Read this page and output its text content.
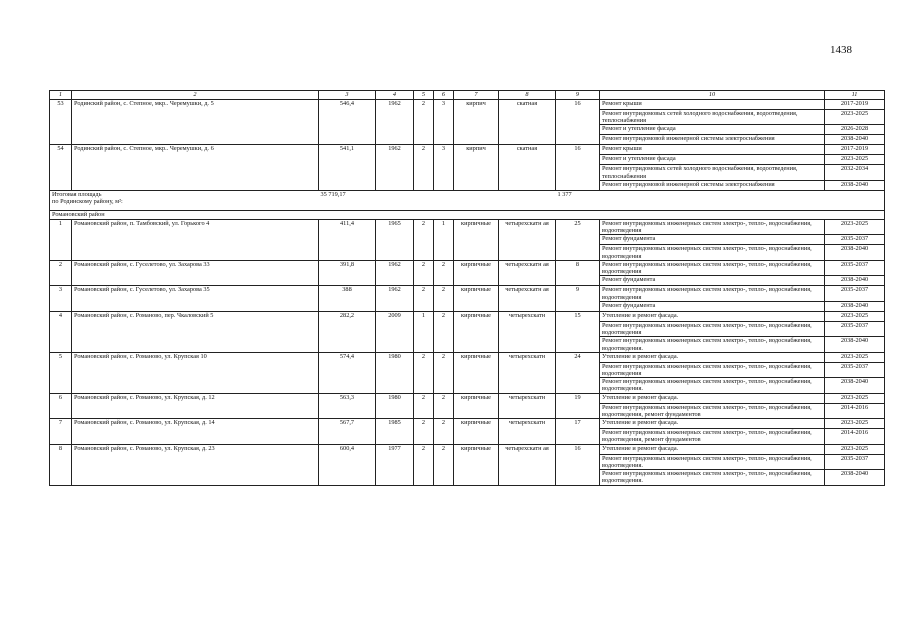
1438
1	2	3	4	5	6	7	8	9	10	11
53	Родинский район, с. Степное, мкр.. Черемушки, д. 5	546,4	1962	2	3	кирпич	скатная	16	Ремонт крыши	2017-2019
									Ремонт внутридомовых сетей холодного водоснабжения, водоотведения, теплоснабжения	2023-2025
									Ремонт и утепление фасада	2026-2028
									Ремонт внутридомовой инженерной системы электроснабжения	2038-2040
54	Родинский район, с. Степное, мкр.. Черемушки, д. 6	541,1	1962	2	3	кирпич	скатная	16	Ремонт крыши	2017-2019
									Ремонт и утепление фасада	2023-2025
									Ремонт внутридомовых сетей холодного водоснабжения, водоотведения, теплоснабжения	2032-2034
									Ремонт внутридомовой инженерной системы электроснабжения	2038-2040
Итоговая площадь
по Родинскому району, м²:		35 719,17						1 377		
Романовский район										
1	Романовский район, п. Тамбовский, ул. Горького 4	411,4	1965	2	1	кирпичные	четырехскатн ая	25	Ремонт внутридомовых инженерных систем электро-, тепло-, водоснабжения, водоотведения	2023-2025
									Ремонт фундамента	2035-2037
									Ремонт внутридомовых инженерных систем электро-, тепло-, водоснабжения, водоотведения	2038-2040
2	Романовский район, с. Гуселетово, ул. Захарова 33	391,8	1962	2	2	кирпичные	четырехскатн ая	8	Ремонт внутридомовых инженерных систем электро-, тепло-, водоснабжения, водоотведения	2035-2037
									Ремонт фундамента	2038-2040
3	Романовский район, с. Гуселетово, ул. Захарова 35	388	1962	2	2	кирпичные	четырехскатн ая	9	Ремонт внутридомовых инженерных систем электро-, тепло-, водоснабжения, водоотведения	2035-2037
									Ремонт фундамента	2038-2040
4	Романовский район, с. Романово, пер. Чкаловский 5	282,2	2009	1	2	кирпичные	четырехскатн	15	Утепление и ремонт фасада.	2023-2025
									Ремонт внутридомовых инженерных систем электро-, тепло-, водоснабжения, водоотведения	2035-2037
									Ремонт внутридомовых инженерных систем электро-, тепло-, водоснабжения, водоотведения.	2038-2040
5	Романовский район, с. Романово, ул. Крупская 10	574,4	1980	2	2	кирпичные	четырехскатн	24	Утепление и ремонт фасада.	2023-2025
									Ремонт внутридомовых инженерных систем электро-, тепло-, водоснабжения, водоотведения	2035-2037
									Ремонт внутридомовых инженерных систем электро-, тепло-, водоснабжения, водоотведения.	2038-2040
6	Романовский район, с. Романово, ул. Крупская, д. 12	563,3	1980	2	2	кирпичные	четырехскатн	19	Утепление и ремонт фасада.	2023-2025
									Ремонт внутридомовых инженерных систем электро-, тепло-, водоснабжения, водоотведения, ремонт фундаментов	2014-2016
7	Романовский район, с. Романово, ул. Крупская, д. 14	567,7	1985	2	2	кирпичные	четырехскатн	17	Утепление и ремонт фасада.	2023-2025
									Ремонт внутридомовых инженерных систем электро-, тепло-, водоснабжения, водоотведения, ремонт фундаментов	2014-2016
8	Романовский район, с. Романово, ул. Крупская, д. 23	600,4	1977	2	2	кирпичные	четырехскатн ая	16	Утепление и ремонт фасада.	2023-2025
									Ремонт внутридомовых инженерных систем электро-, тепло-, водоснабжения, водоотведения.	2035-2037
									Ремонт внутридомовых инженерных систем электро-, тепло-, водоснабжения, водоотведения.	2038-2040
